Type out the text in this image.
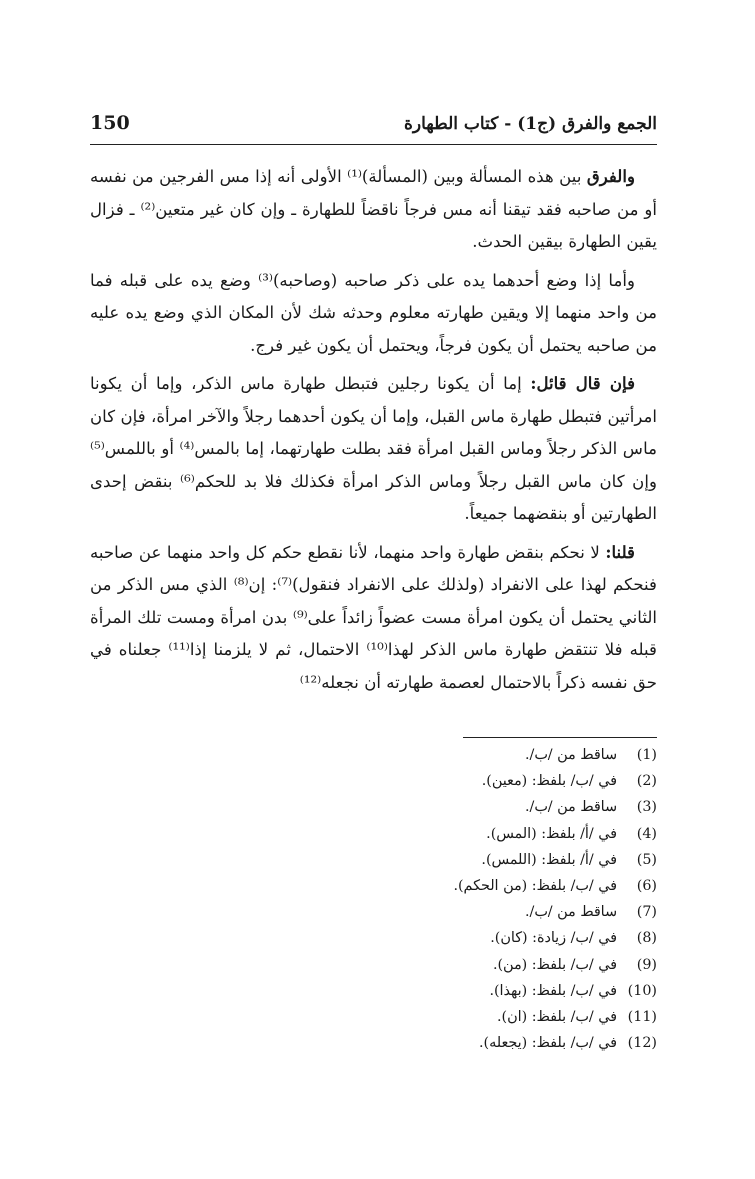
الجمع والفرق (ج1) - كتاب الطهارة
150

والفرق بين هذه المسألة وبين (المسألة)⁽¹⁾ الأولى أنه إذا مس الفرجين من نفسه أو من صاحبه فقد تيقنا أنه مس فرجاً ناقضاً للطهارة ـ وإن كان غير متعين⁽²⁾ ـ فزال يقين الطهارة بيقين الحدث.

وأما إذا وضع أحدهما يده على ذكر صاحبه (وصاحبه)⁽³⁾ وضع يده على قبله فما من واحد منهما إلا ويقين طهارته معلوم وحدثه شك لأن المكان الذي وضع يده عليه من صاحبه يحتمل أن يكون فرجاً، ويحتمل أن يكون غير فرج.

فإن قال قائل: إما أن يكونا رجلين فتبطل طهارة ماس الذكر، وإما أن يكونا امرأتين فتبطل طهارة ماس القبل، وإما أن يكون أحدهما رجلاً والآخر امرأة، فإن كان ماس الذكر رجلاً وماس القبل امرأة فقد بطلت طهارتهما، إما بالمس⁽⁴⁾ أو باللمس⁽⁵⁾ وإن كان ماس القبل رجلاً وماس الذكر امرأة فكذلك فلا بد للحكم⁽⁶⁾ بنقض إحدى الطهارتين أو بنقضهما جميعاً.

قلنا: لا نحكم بنقض طهارة واحد منهما، لأنا نقطع حكم كل واحد منهما عن صاحبه فنحكم لهذا على الانفراد (ولذلك على الانفراد فنقول)⁽⁷⁾: إن⁽⁸⁾ الذي مس الذكر من الثاني يحتمل أن يكون امرأة مست عضواً زائداً على⁽⁹⁾ بدن امرأة ومست تلك المرأة قبله فلا تنتقض طهارة ماس الذكر لهذا⁽¹⁰⁾ الاحتمال، ثم لا يلزمنا إذا⁽¹¹⁾ جعلناه في حق نفسه ذكراً بالاحتمال لعصمة طهارته أن نجعله⁽¹²⁾

(1)
ساقط من /ب/.
(2)
في /ب/ بلفظ: (معين).
(3)
ساقط من /ب/.
(4)
في /أ/ بلفظ: (المس).
(5)
في /أ/ بلفظ: (اللمس).
(6)
في /ب/ بلفظ: (من الحكم).
(7)
ساقط من /ب/.
(8)
في /ب/ زيادة: (كان).
(9)
في /ب/ بلفظ: (من).
(10)
في /ب/ بلفظ: (بهذا).
(11)
في /ب/ بلفظ: (ان).
(12)
في /ب/ بلفظ: (يجعله).
